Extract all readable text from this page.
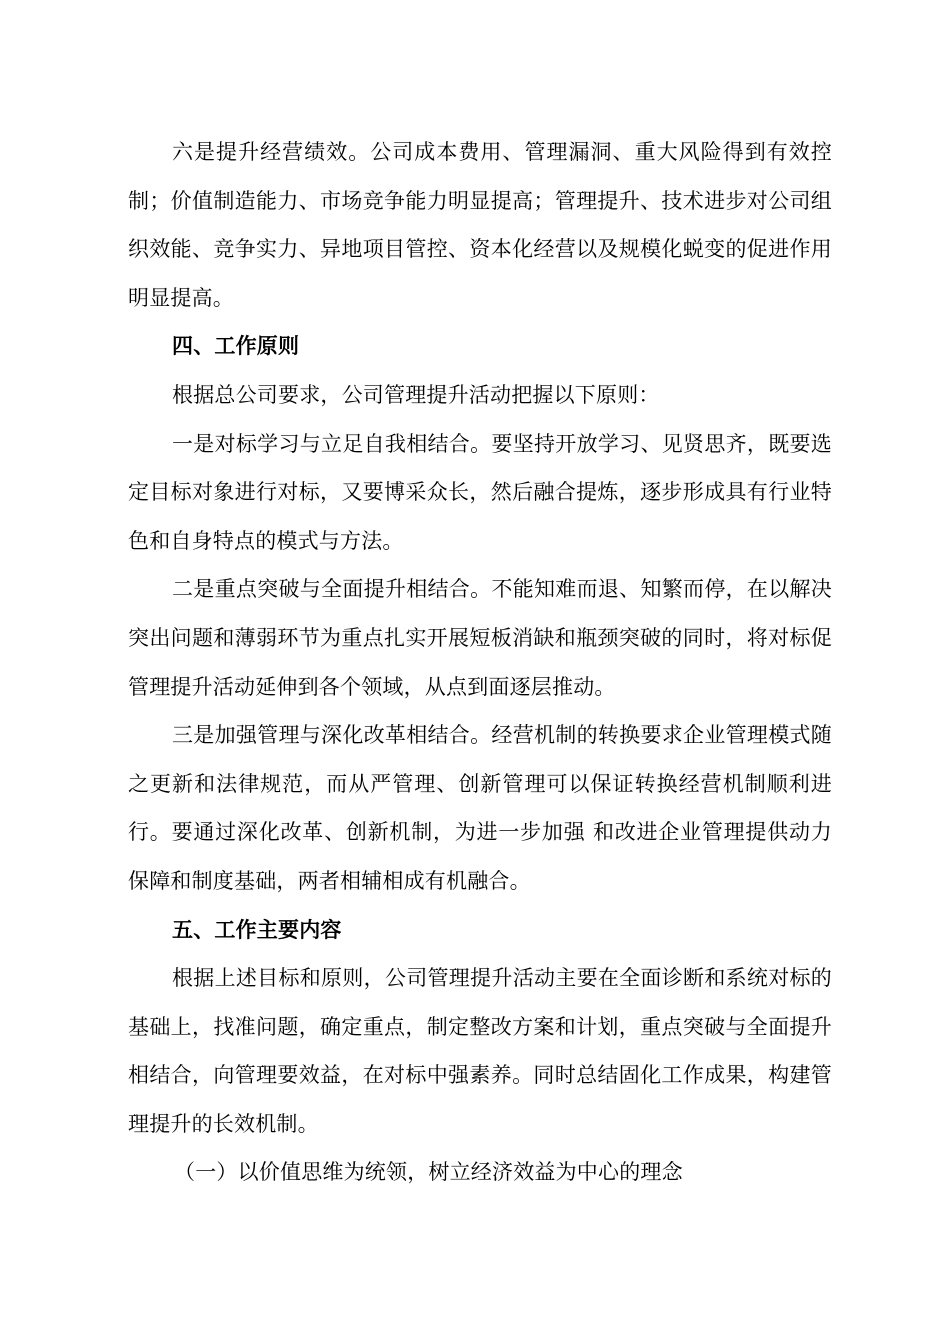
六是提升经营绩效。公司成本费用、管理漏洞、重大风险得到有效控制；价值制造能力、市场竞争能力明显提高；管理提升、技术进步对公司组织效能、竞争实力、异地项目管控、资本化经营以及规模化蜕变的促进作用明显提高。

四、工作原则

根据总公司要求，公司管理提升活动把握以下原则：

一是对标学习与立足自我相结合。要坚持开放学习、见贤思齐，既要选定目标对象进行对标，又要博采众长，然后融合提炼，逐步形成具有行业特色和自身特点的模式与方法。

二是重点突破与全面提升相结合。不能知难而退、知繁而停，在以解决突出问题和薄弱环节为重点扎实开展短板消缺和瓶颈突破的同时，将对标促管理提升活动延伸到各个领域，从点到面逐层推动。

三是加强管理与深化改革相结合。经营机制的转换要求企业管理模式随之更新和法律规范，而从严管理、创新管理可以保证转换经营机制顺利进行。要通过深化改革、创新机制，为进一步加强 和改进企业管理提供动力保障和制度基础，两者相辅相成有机融合。

五、工作主要内容

根据上述目标和原则，公司管理提升活动主要在全面诊断和系统对标的基础上，找准问题，确定重点，制定整改方案和计划，重点突破与全面提升相结合，向管理要效益，在对标中强素养。同时总结固化工作成果，构建管理提升的长效机制。

（一）以价值思维为统领，树立经济效益为中心的理念
